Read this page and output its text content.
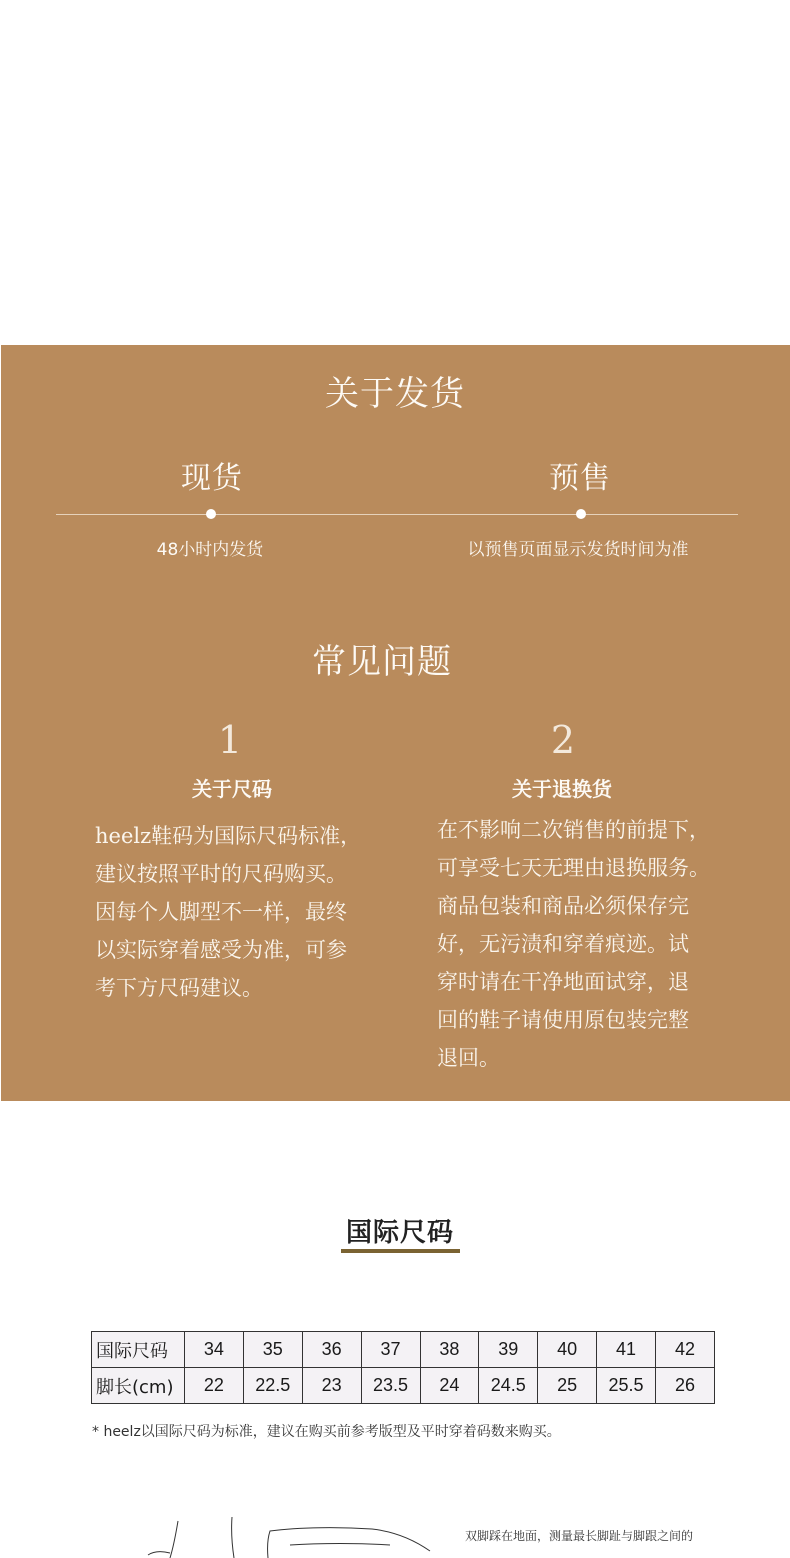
关于发货
现货	预售
48小时内发货	以预售页面显示发货时间为准
常见问题
1
关于尺码
heelz鞋码为国际尺码标准，
建议按照平时的尺码购买。
因每个人脚型不一样，最终
以实际穿着感受为准，可参
考下方尺码建议。
2
关于退换货
在不影响二次销售的前提下，
可享受七天无理由退换服务。
商品包装和商品必须保存完
好，无污渍和穿着痕迹。试
穿时请在干净地面试穿，退
回的鞋子请使用原包装完整
退回。
国际尺码
国际尺码	34	35	36	37	38	39	40	41	42
脚长(cm)	22	22.5	23	23.5	24	24.5	25	25.5	26
* heelz以国际尺码为标准，建议在购买前参考版型及平时穿着码数来购买。
双脚踩在地面，测量最长脚趾与脚跟之间的
